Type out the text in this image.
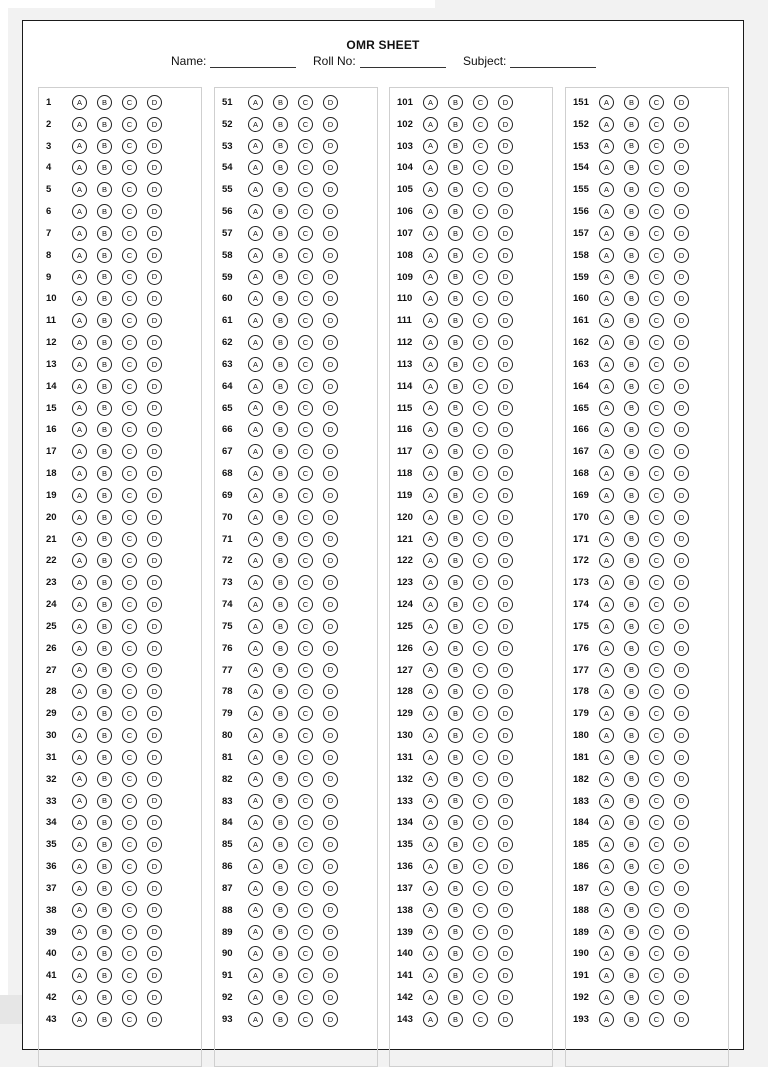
OMR SHEET
Name:	Roll No:	Subject:
1	A	B	C	D
2	A	B	C	D
3	A	B	C	D
4	A	B	C	D
5	A	B	C	D
6	A	B	C	D
7	A	B	C	D
8	A	B	C	D
9	A	B	C	D
10	A	B	C	D
11	A	B	C	D
12	A	B	C	D
13	A	B	C	D
14	A	B	C	D
15	A	B	C	D
16	A	B	C	D
17	A	B	C	D
18	A	B	C	D
19	A	B	C	D
20	A	B	C	D
21	A	B	C	D
22	A	B	C	D
23	A	B	C	D
24	A	B	C	D
25	A	B	C	D
26	A	B	C	D
27	A	B	C	D
28	A	B	C	D
29	A	B	C	D
30	A	B	C	D
31	A	B	C	D
32	A	B	C	D
33	A	B	C	D
34	A	B	C	D
35	A	B	C	D
36	A	B	C	D
37	A	B	C	D
38	A	B	C	D
39	A	B	C	D
40	A	B	C	D
41	A	B	C	D
42	A	B	C	D
43	A	B	C	D
51	A	B	C	D
52	A	B	C	D
53	A	B	C	D
54	A	B	C	D
55	A	B	C	D
56	A	B	C	D
57	A	B	C	D
58	A	B	C	D
59	A	B	C	D
60	A	B	C	D
61	A	B	C	D
62	A	B	C	D
63	A	B	C	D
64	A	B	C	D
65	A	B	C	D
66	A	B	C	D
67	A	B	C	D
68	A	B	C	D
69	A	B	C	D
70	A	B	C	D
71	A	B	C	D
72	A	B	C	D
73	A	B	C	D
74	A	B	C	D
75	A	B	C	D
76	A	B	C	D
77	A	B	C	D
78	A	B	C	D
79	A	B	C	D
80	A	B	C	D
81	A	B	C	D
82	A	B	C	D
83	A	B	C	D
84	A	B	C	D
85	A	B	C	D
86	A	B	C	D
87	A	B	C	D
88	A	B	C	D
89	A	B	C	D
90	A	B	C	D
91	A	B	C	D
92	A	B	C	D
93	A	B	C	D
101	A	B	C	D
102	A	B	C	D
103	A	B	C	D
104	A	B	C	D
105	A	B	C	D
106	A	B	C	D
107	A	B	C	D
108	A	B	C	D
109	A	B	C	D
110	A	B	C	D
111	A	B	C	D
112	A	B	C	D
113	A	B	C	D
114	A	B	C	D
115	A	B	C	D
116	A	B	C	D
117	A	B	C	D
118	A	B	C	D
119	A	B	C	D
120	A	B	C	D
121	A	B	C	D
122	A	B	C	D
123	A	B	C	D
124	A	B	C	D
125	A	B	C	D
126	A	B	C	D
127	A	B	C	D
128	A	B	C	D
129	A	B	C	D
130	A	B	C	D
131	A	B	C	D
132	A	B	C	D
133	A	B	C	D
134	A	B	C	D
135	A	B	C	D
136	A	B	C	D
137	A	B	C	D
138	A	B	C	D
139	A	B	C	D
140	A	B	C	D
141	A	B	C	D
142	A	B	C	D
143	A	B	C	D
151	A	B	C	D
152	A	B	C	D
153	A	B	C	D
154	A	B	C	D
155	A	B	C	D
156	A	B	C	D
157	A	B	C	D
158	A	B	C	D
159	A	B	C	D
160	A	B	C	D
161	A	B	C	D
162	A	B	C	D
163	A	B	C	D
164	A	B	C	D
165	A	B	C	D
166	A	B	C	D
167	A	B	C	D
168	A	B	C	D
169	A	B	C	D
170	A	B	C	D
171	A	B	C	D
172	A	B	C	D
173	A	B	C	D
174	A	B	C	D
175	A	B	C	D
176	A	B	C	D
177	A	B	C	D
178	A	B	C	D
179	A	B	C	D
180	A	B	C	D
181	A	B	C	D
182	A	B	C	D
183	A	B	C	D
184	A	B	C	D
185	A	B	C	D
186	A	B	C	D
187	A	B	C	D
188	A	B	C	D
189	A	B	C	D
190	A	B	C	D
191	A	B	C	D
192	A	B	C	D
193	A	B	C	D
